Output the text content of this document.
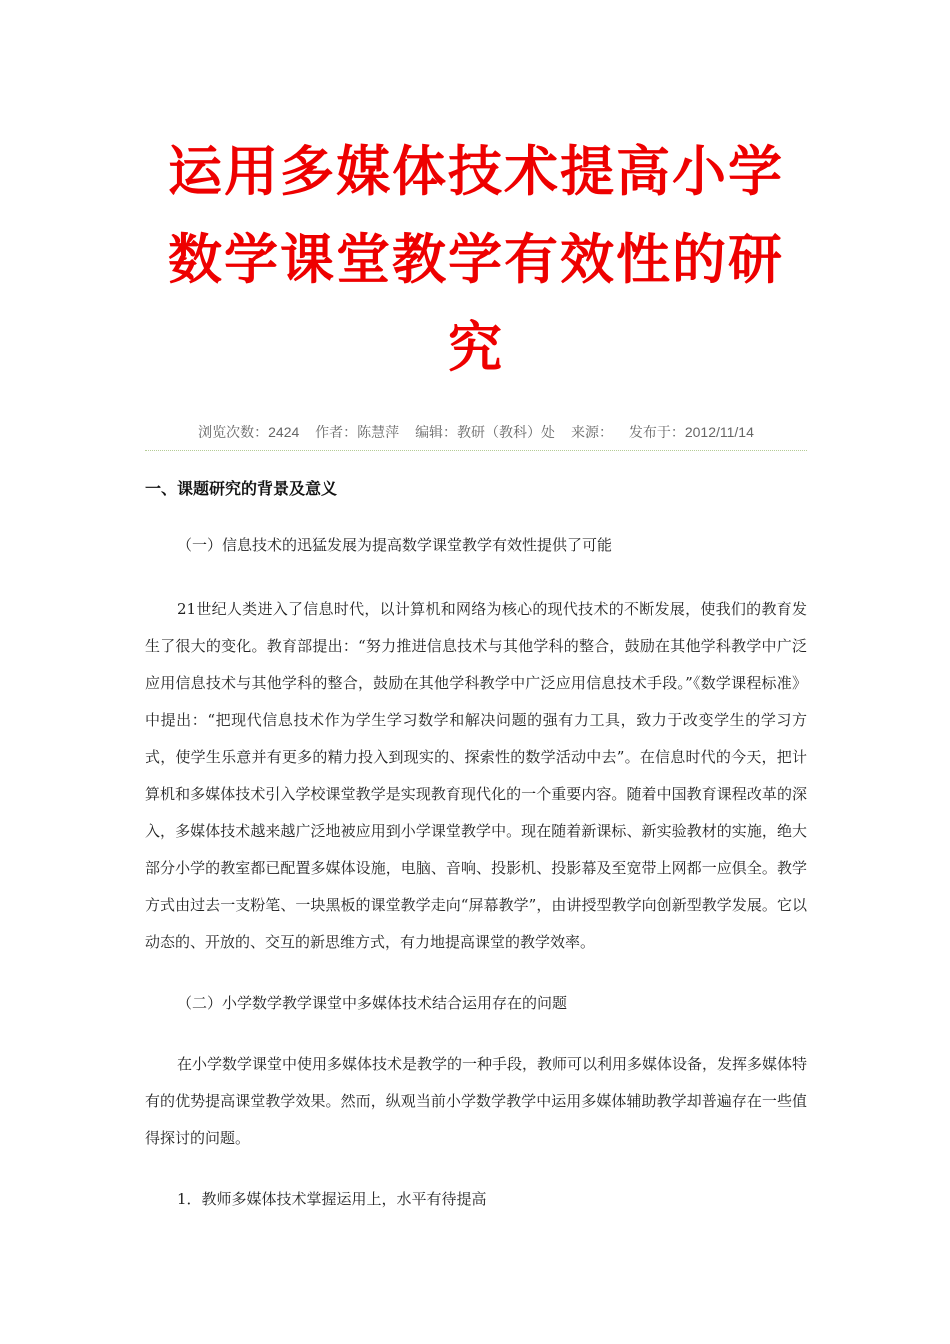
运用多媒体技术提高小学
数学课堂教学有效性的研
究
浏览次数：2424 作者：陈慧萍 编辑：教研（教科）处 来源： 发布于：2012/11/14
一、课题研究的背景及意义

（一）信息技术的迅猛发展为提高数学课堂教学有效性提供了可能

21世纪人类进入了信息时代，以计算机和网络为核心的现代技术的不断发展，使我们的教育发生了很大的变化。教育部提出：“努力推进信息技术与其他学科的整合，鼓励在其他学科教学中广泛应用信息技术与其他学科的整合，鼓励在其他学科教学中广泛应用信息技术手段。”《数学课程标准》中提出：“把现代信息技术作为学生学习数学和解决问题的强有力工具，致力于改变学生的学习方式，使学生乐意并有更多的精力投入到现实的、探索性的数学活动中去”。在信息时代的今天，把计算机和多媒体技术引入学校课堂教学是实现教育现代化的一个重要内容。随着中国教育课程改革的深入，多媒体技术越来越广泛地被应用到小学课堂教学中。现在随着新课标、新实验教材的实施，绝大部分小学的教室都已配置多媒体设施，电脑、音响、投影机、投影幕及至宽带上网都一应俱全。教学方式由过去一支粉笔、一块黑板的课堂教学走向“屏幕教学”，由讲授型教学向创新型教学发展。它以动态的、开放的、交互的新思维方式，有力地提高课堂的教学效率。

（二）小学数学教学课堂中多媒体技术结合运用存在的问题

在小学数学课堂中使用多媒体技术是教学的一种手段，教师可以利用多媒体设备，发挥多媒体特有的优势提高课堂教学效果。然而，纵观当前小学数学教学中运用多媒体辅助教学却普遍存在一些值得探讨的问题。

1．教师多媒体技术掌握运用上，水平有待提高
